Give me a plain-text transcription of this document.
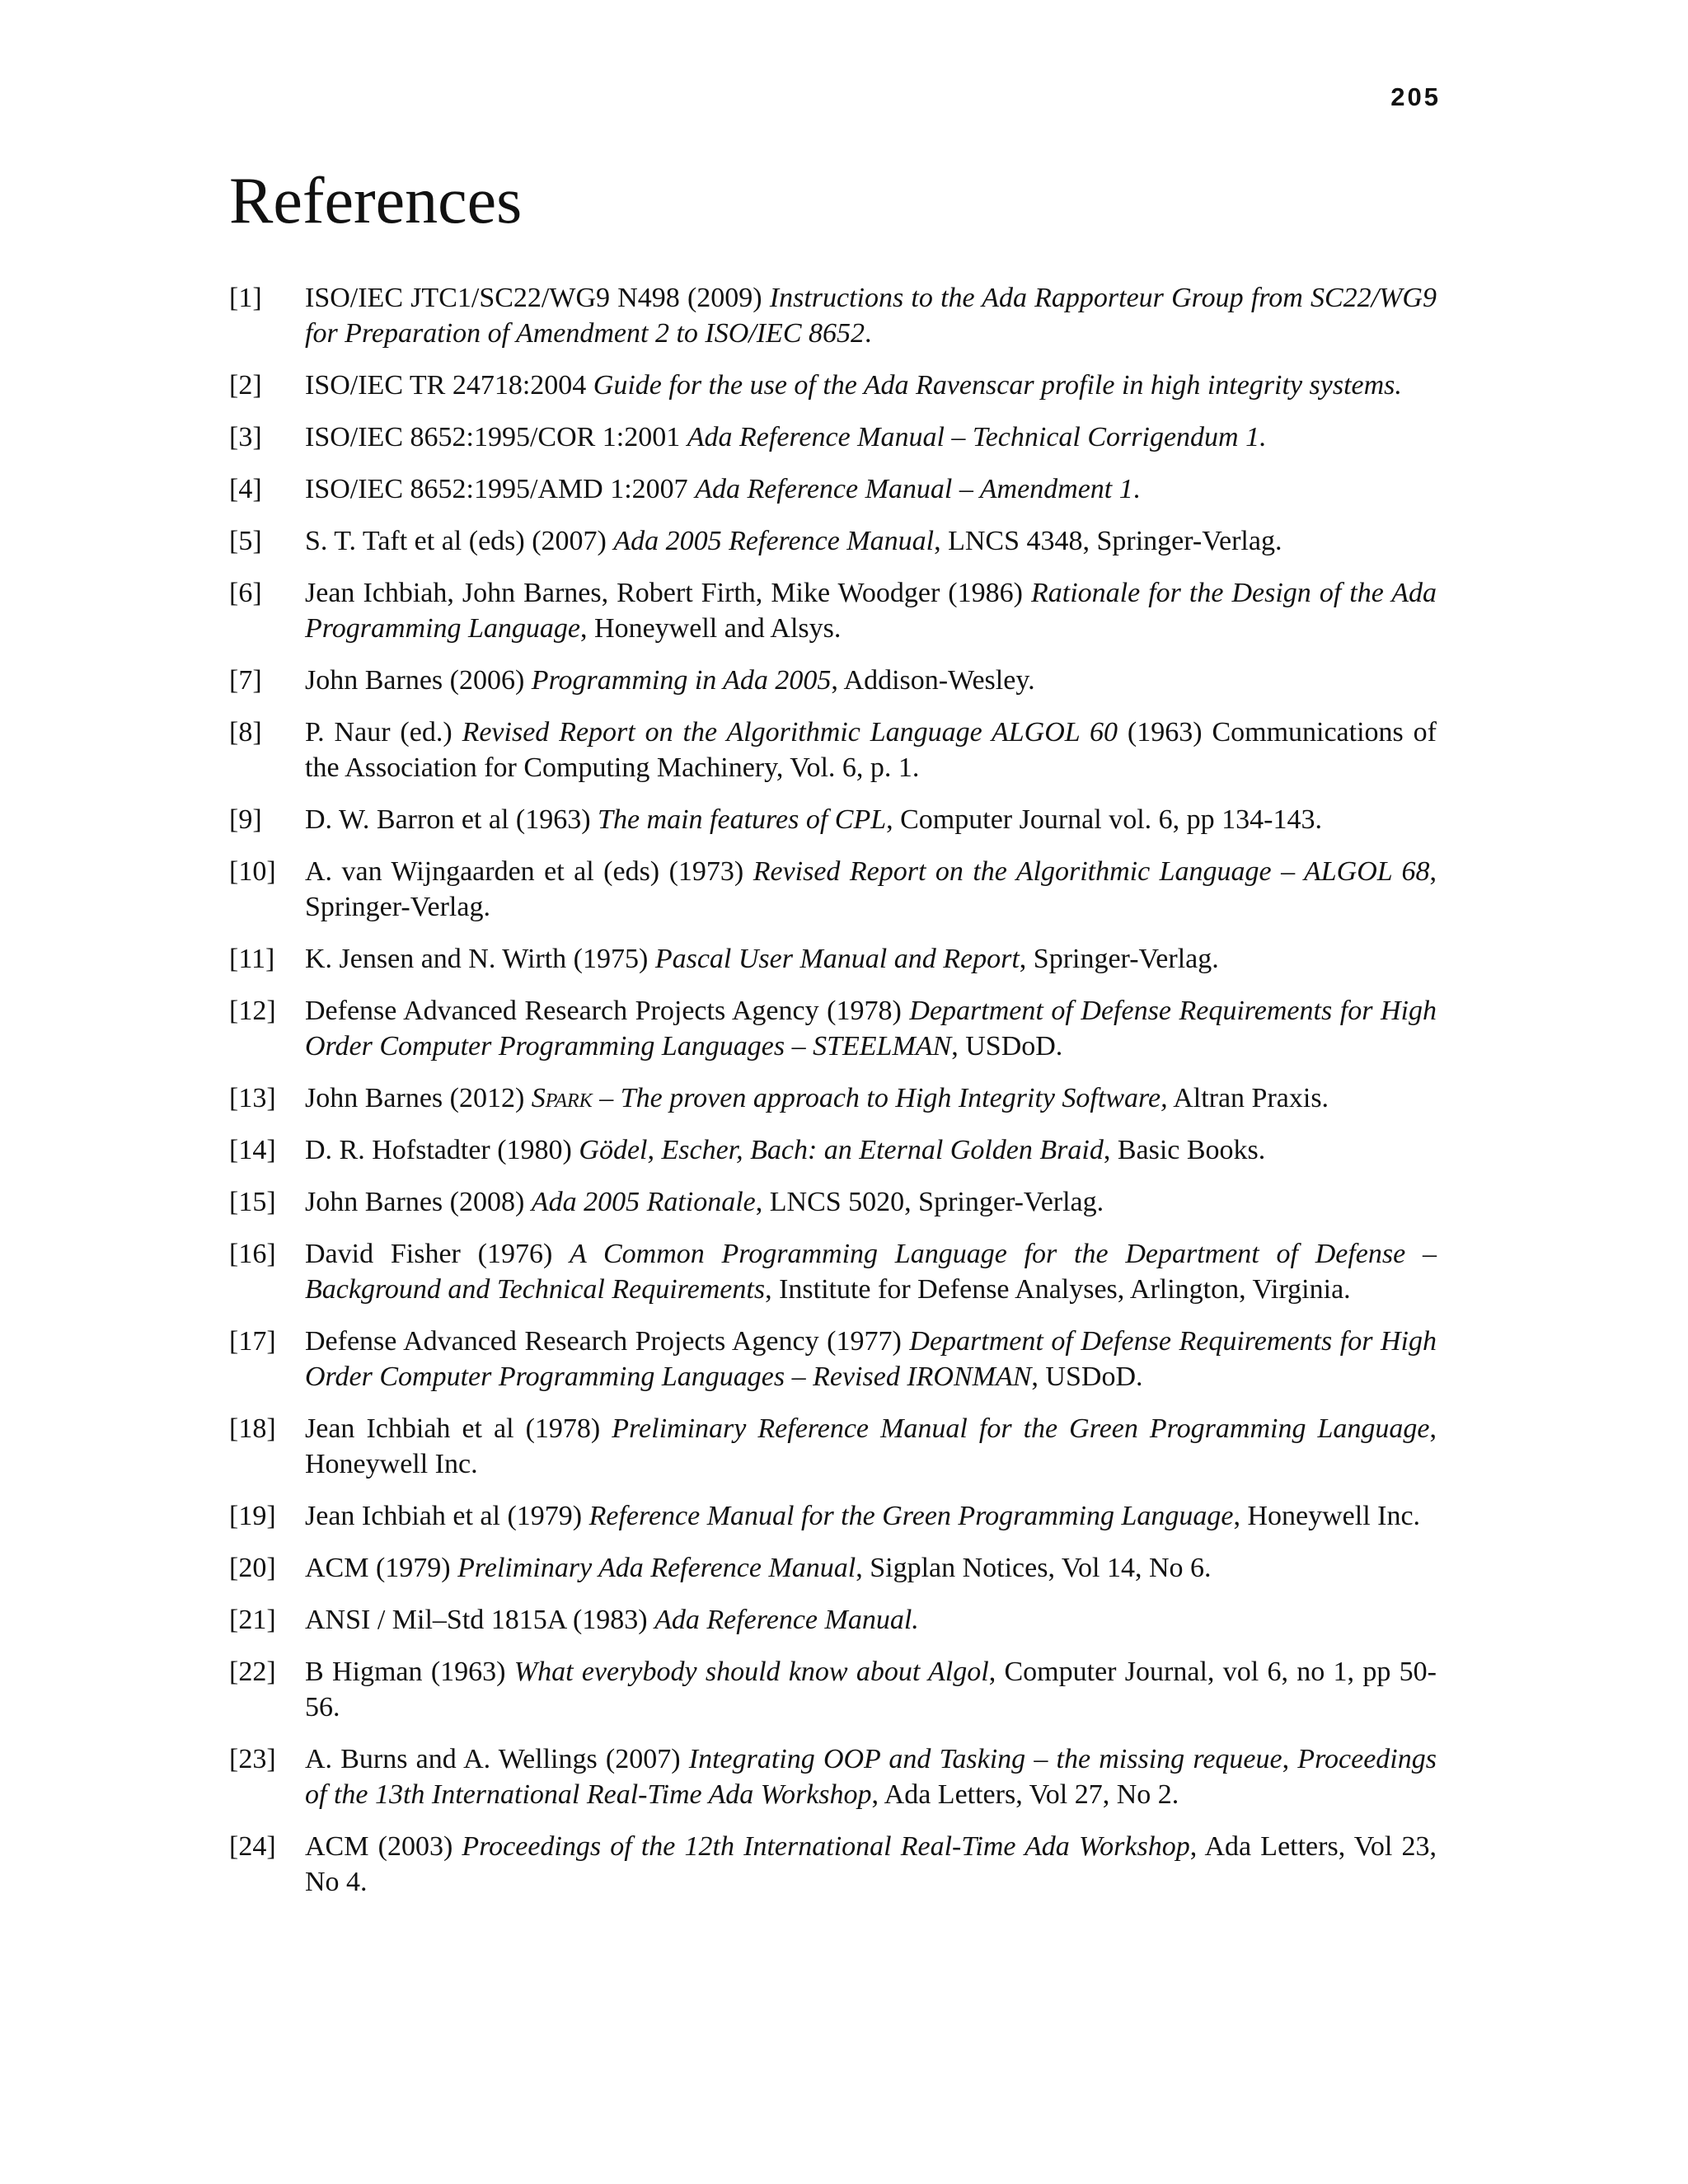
205
References
[1]	ISO/IEC JTC1/SC22/WG9 N498 (2009) Instructions to the Ada Rapporteur Group from SC22/WG9 for Preparation of Amendment 2 to ISO/IEC 8652.
[2]	ISO/IEC TR 24718:2004 Guide for the use of the Ada Ravenscar profile in high integrity systems.
[3]	ISO/IEC 8652:1995/COR 1:2001 Ada Reference Manual – Technical Corrigendum 1.
[4]	ISO/IEC 8652:1995/AMD 1:2007 Ada Reference Manual – Amendment 1.
[5]	S. T. Taft et al (eds) (2007) Ada 2005 Reference Manual, LNCS 4348, Springer-Verlag.
[6]	Jean Ichbiah, John Barnes, Robert Firth, Mike Woodger (1986) Rationale for the Design of the Ada Programming Language, Honeywell and Alsys.
[7]	John Barnes (2006) Programming in Ada 2005, Addison-Wesley.
[8]	P. Naur (ed.) Revised Report on the Algorithmic Language ALGOL 60 (1963) Communications of the Association for Computing Machinery, Vol. 6, p. 1.
[9]	D. W. Barron et al (1963) The main features of CPL, Computer Journal vol. 6, pp 134-143.
[10]	A. van Wijngaarden et al (eds) (1973) Revised Report on the Algorithmic Language – ALGOL 68, Springer-Verlag.
[11]	K. Jensen and N. Wirth (1975) Pascal User Manual and Report, Springer-Verlag.
[12]	Defense Advanced Research Projects Agency (1978) Department of Defense Requirements for High Order Computer Programming Languages – STEELMAN, USDoD.
[13]	John Barnes (2012) Spark – The proven approach to High Integrity Software, Altran Praxis.
[14]	D. R. Hofstadter (1980) Gödel, Escher, Bach: an Eternal Golden Braid, Basic Books.
[15]	John Barnes (2008) Ada 2005 Rationale, LNCS 5020, Springer-Verlag.
[16]	David Fisher (1976) A Common Programming Language for the Department of Defense – Background and Technical Requirements, Institute for Defense Analyses, Arlington, Virginia.
[17]	Defense Advanced Research Projects Agency (1977) Department of Defense Requirements for High Order Computer Programming Languages – Revised IRONMAN, USDoD.
[18]	Jean Ichbiah et al (1978) Preliminary Reference Manual for the Green Programming Language, Honeywell Inc.
[19]	Jean Ichbiah et al (1979) Reference Manual for the Green Programming Language, Honeywell Inc.
[20]	ACM (1979) Preliminary Ada Reference Manual, Sigplan Notices, Vol 14, No 6.
[21]	ANSI / Mil–Std 1815A (1983) Ada Reference Manual.
[22]	B Higman (1963) What everybody should know about Algol, Computer Journal, vol 6, no 1, pp 50-56.
[23]	A. Burns and A. Wellings (2007) Integrating OOP and Tasking – the missing requeue, Proceedings of the 13th International Real-Time Ada Workshop, Ada Letters, Vol 27, No 2.
[24]	ACM (2003) Proceedings of the 12th International Real-Time Ada Workshop, Ada Letters, Vol 23, No 4.
